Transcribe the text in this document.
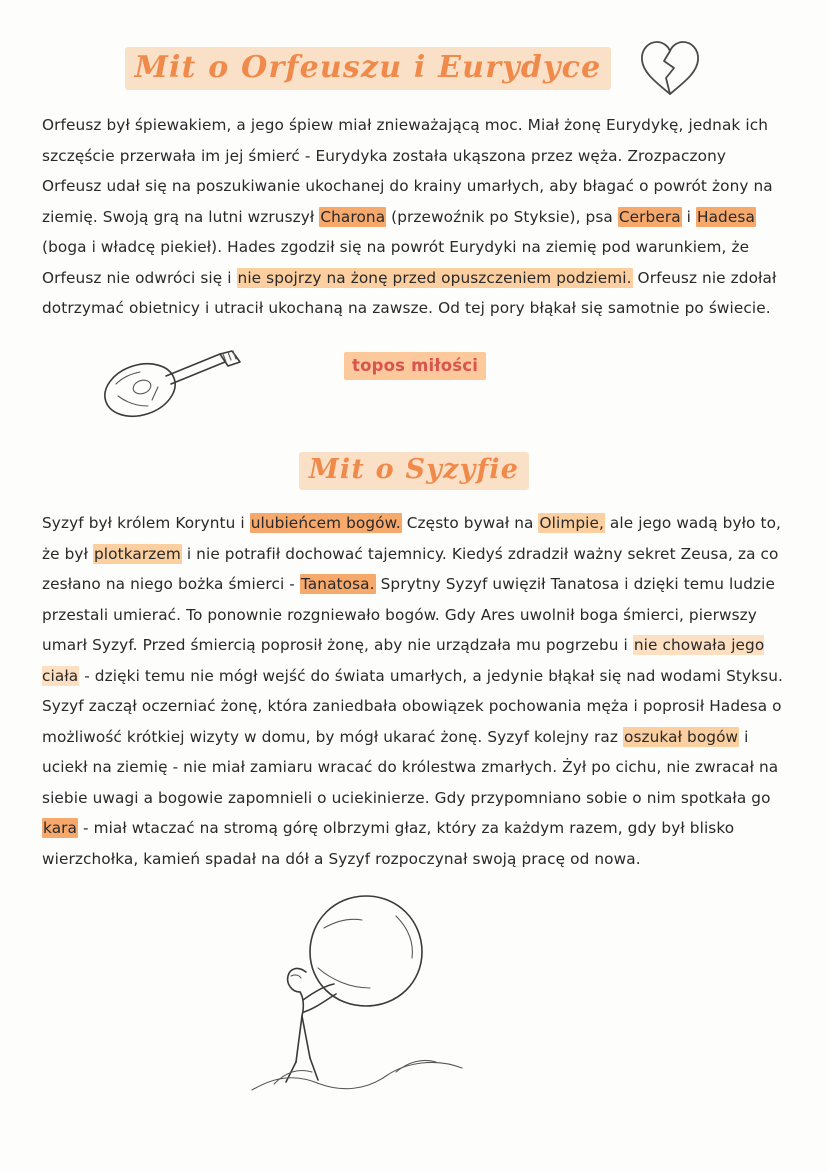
Mit o Orfeuszu i Eurydyce
Orfeusz był śpiewakiem, a jego śpiew miał znieważającą moc. Miał żonę Eurydykę, jednak ich szczęście przerwała im jej śmierć - Eurydyka została ukąszona przez węża. Zrozpaczony Orfeusz udał się na poszukiwanie ukochanej do krainy umarłych, aby błagać o powrót żony na ziemię. Swoją grą na lutni wzruszył Charona (przewoźnik po Styksie), psa Cerbera i Hadesa (boga i władcę piekieł). Hades zgodził się na powrót Eurydyki na ziemię pod warunkiem, że Orfeusz nie odwróci się i nie spojrzy na żonę przed opuszczeniem podziemi. Orfeusz nie zdołał dotrzymać obietnicy i utracił ukochaną na zawsze. Od tej pory błąkał się samotnie po świecie.
topos miłości
Mit o Syzyfie
Syzyf był królem Koryntu i ulubieńcem bogów. Często bywał na Olimpie, ale jego wadą było to, że był plotkarzem i nie potrafił dochować tajemnicy. Kiedyś zdradził ważny sekret Zeusa, za co zesłano na niego bożka śmierci - Tanatosa. Sprytny Syzyf uwięził Tanatosa i dzięki temu ludzie przestali umierać. To ponownie rozgniewało bogów. Gdy Ares uwolnił boga śmierci, pierwszy umarł Syzyf. Przed śmiercią poprosił żonę, aby nie urządzała mu pogrzebu i nie chowała jego ciała - dzięki temu nie mógł wejść do świata umarłych, a jedynie błąkał się nad wodami Styksu. Syzyf zaczął oczerniać żonę, która zaniedbała obowiązek pochowania męża i poprosił Hadesa o możliwość krótkiej wizyty w domu, by mógł ukarać żonę. Syzyf kolejny raz oszukał bogów i uciekł na ziemię - nie miał zamiaru wracać do królestwa zmarłych. Żył po cichu, nie zwracał na siebie uwagi a bogowie zapomnieli o uciekinierze. Gdy przypomniano sobie o nim spotkała go kara - miał wtaczać na stromą górę olbrzymi głaz, który za każdym razem, gdy był blisko wierzchołka, kamień spadał na dół a Syzyf rozpoczynał swoją pracę od nowa.
